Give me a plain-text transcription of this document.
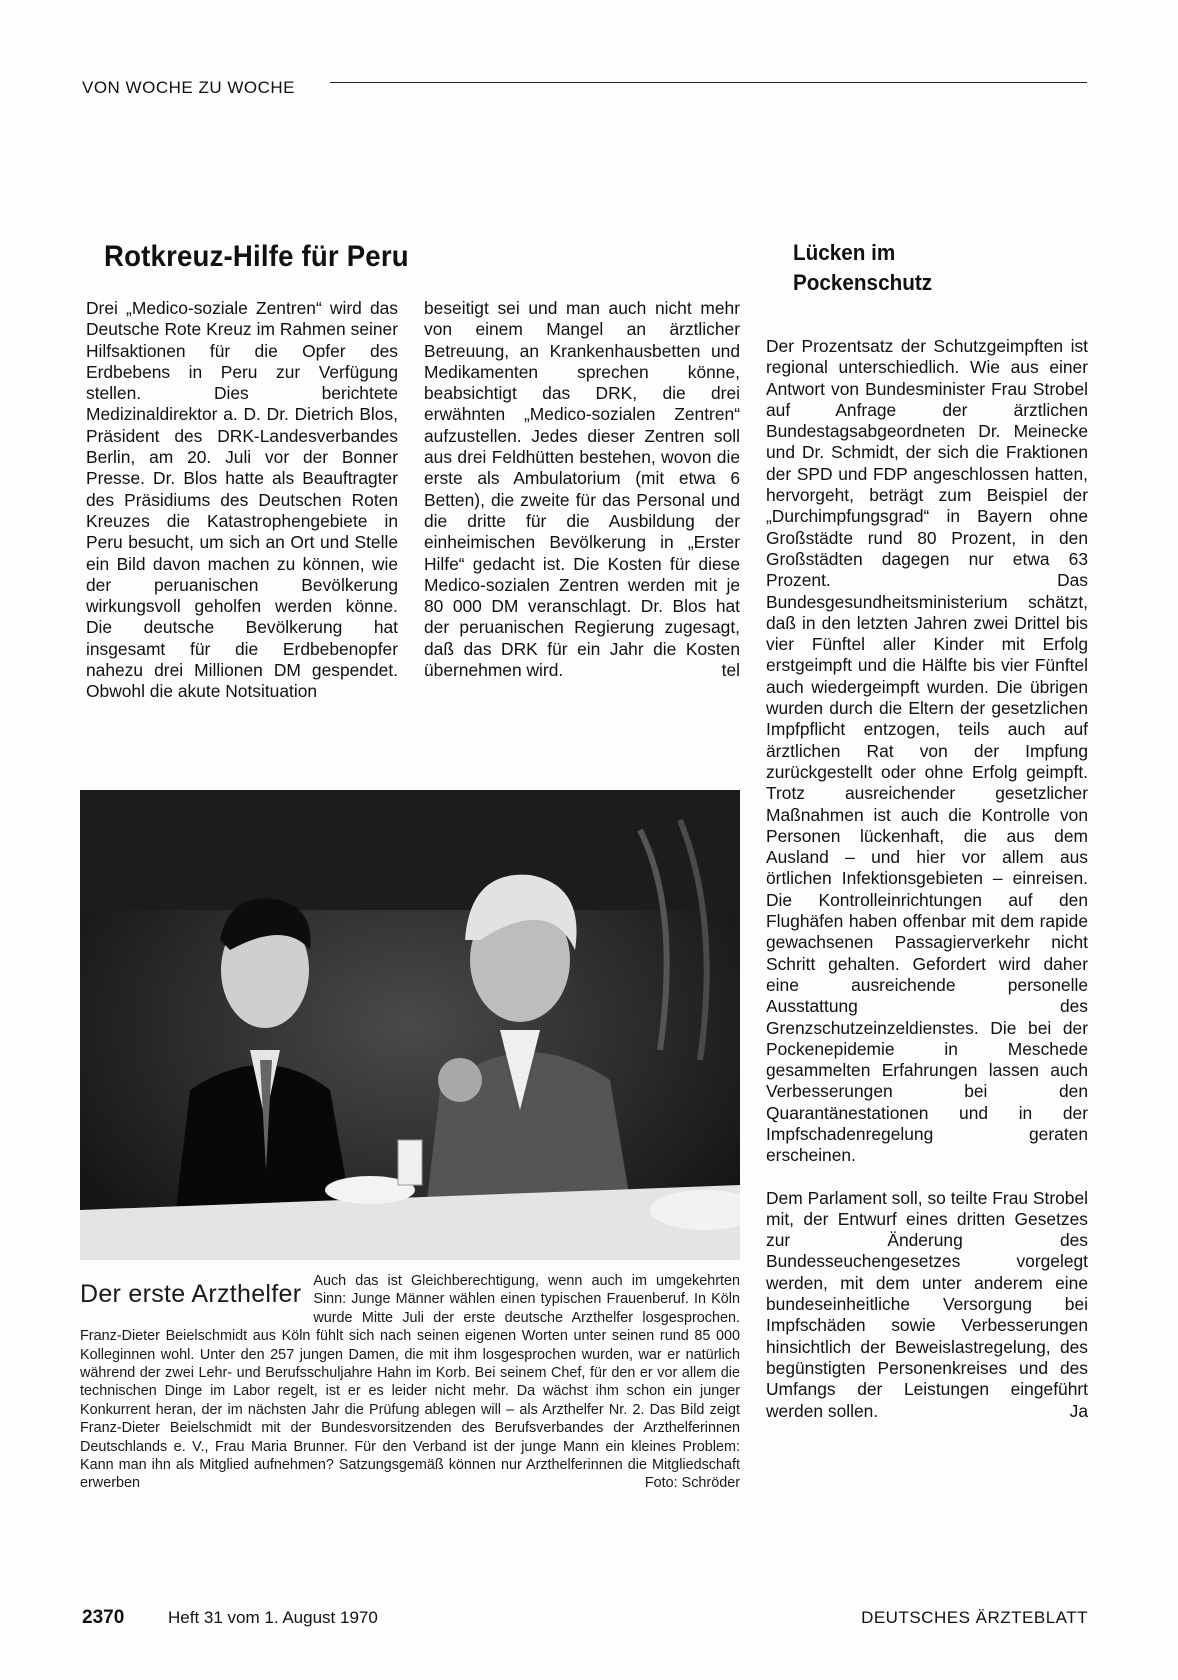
VON WOCHE ZU WOCHE
Rotkreuz-Hilfe für Peru

Drei „Medico-soziale Zentren“ wird das Deutsche Rote Kreuz im Rahmen seiner Hilfsaktionen für die Opfer des Erdbebens in Peru zur Verfügung stellen. Dies berichtete Medizinaldirektor a. D. Dr. Dietrich Blos, Präsident des DRK-Landesverbandes Berlin, am 20. Juli vor der Bonner Presse. Dr. Blos hatte als Beauftragter des Präsidiums des Deutschen Roten Kreuzes die Katastrophengebiete in Peru besucht, um sich an Ort und Stelle ein Bild davon machen zu können, wie der peruanischen Bevölkerung wirkungsvoll geholfen werden könne. Die deutsche Bevölkerung hat insgesamt für die Erdbebenopfer nahezu drei Millionen DM gespendet. Obwohl die akute Notsituation

beseitigt sei und man auch nicht mehr von einem Mangel an ärztlicher Betreuung, an Krankenhausbetten und Medikamenten sprechen könne, beabsichtigt das DRK, die drei erwähnten „Medico-sozialen Zentren“ aufzustellen. Jedes dieser Zentren soll aus drei Feldhütten bestehen, wovon die erste als Ambulatorium (mit etwa 6 Betten), die zweite für das Personal und die dritte für die Ausbildung der einheimischen Bevölkerung in „Erster Hilfe“ gedacht ist. Die Kosten für diese Medico-sozialen Zentren werden mit je 80 000 DM veranschlagt. Dr. Blos hat der peruanischen Regierung zugesagt, daß das DRK für ein Jahr die Kosten übernehmen wird.	tel

Lücken im
Pockenschutz

Der Prozentsatz der Schutzgeimpften ist regional unterschiedlich. Wie aus einer Antwort von Bundesminister Frau Strobel auf Anfrage der ärztlichen Bundestagsabgeordneten Dr. Meinecke und Dr. Schmidt, der sich die Fraktionen der SPD und FDP angeschlossen hatten, hervorgeht, beträgt zum Beispiel der „Durchimpfungsgrad“ in Bayern ohne Großstädte rund 80 Prozent, in den Großstädten dagegen nur etwa 63 Prozent. Das Bundesgesundheitsministerium schätzt, daß in den letzten Jahren zwei Drittel bis vier Fünftel aller Kinder mit Erfolg erstgeimpft und die Hälfte bis vier Fünftel auch wiedergeimpft wurden. Die übrigen wurden durch die Eltern der gesetzlichen Impfpflicht entzogen, teils auch auf ärztlichen Rat von der Impfung zurückgestellt oder ohne Erfolg geimpft. Trotz ausreichender gesetzlicher Maßnahmen ist auch die Kontrolle von Personen lückenhaft, die aus dem Ausland – und hier vor allem aus örtlichen Infektionsgebieten – einreisen. Die Kontrolleinrichtungen auf den Flughäfen haben offenbar mit dem rapide gewachsenen Passagierverkehr nicht Schritt gehalten. Gefordert wird daher eine ausreichende personelle Ausstattung des Grenzschutzeinzeldienstes. Die bei der Pockenepidemie in Meschede gesammelten Erfahrungen lassen auch Verbesserungen bei den Quarantänestationen und in der Impfschadenregelung geraten erscheinen.

Dem Parlament soll, so teilte Frau Strobel mit, der Entwurf eines dritten Gesetzes zur Änderung des Bundesseuchengesetzes vorgelegt werden, mit dem unter anderem eine bundeseinheitliche Versorgung bei Impfschäden sowie Verbesserungen hinsichtlich der Beweislastregelung, des begünstigten Personenkreises und des Umfangs der Leistungen eingeführt werden sollen.	Ja

Der erste Arzthelfer Auch das ist Gleichberechtigung, wenn auch im umgekehrten Sinn: Junge Männer wählen einen typischen Frauenberuf. In Köln wurde Mitte Juli der erste deutsche Arzthelfer losgesprochen. Franz-Dieter Beielschmidt aus Köln fühlt sich nach seinen eigenen Worten unter seinen rund 85 000 Kolleginnen wohl. Unter den 257 jungen Damen, die mit ihm losgesprochen wurden, war er natürlich während der zwei Lehr- und Berufsschuljahre Hahn im Korb. Bei seinem Chef, für den er vor allem die technischen Dinge im Labor regelt, ist er es leider nicht mehr. Da wächst ihm schon ein junger Konkurrent heran, der im nächsten Jahr die Prüfung ablegen will – als Arzthelfer Nr. 2. Das Bild zeigt Franz-Dieter Beielschmidt mit der Bundesvorsitzenden des Berufsverbandes der Arzthelferinnen Deutschlands e. V., Frau Maria Brunner. Für den Verband ist der junge Mann ein kleines Problem: Kann man ihn als Mitglied aufnehmen? Satzungsgemäß können nur Arzthelferinnen die Mitgliedschaft erwerben	Foto: Schröder
2370	Heft 31 vom 1. August 1970	DEUTSCHES ÄRZTEBLATT
